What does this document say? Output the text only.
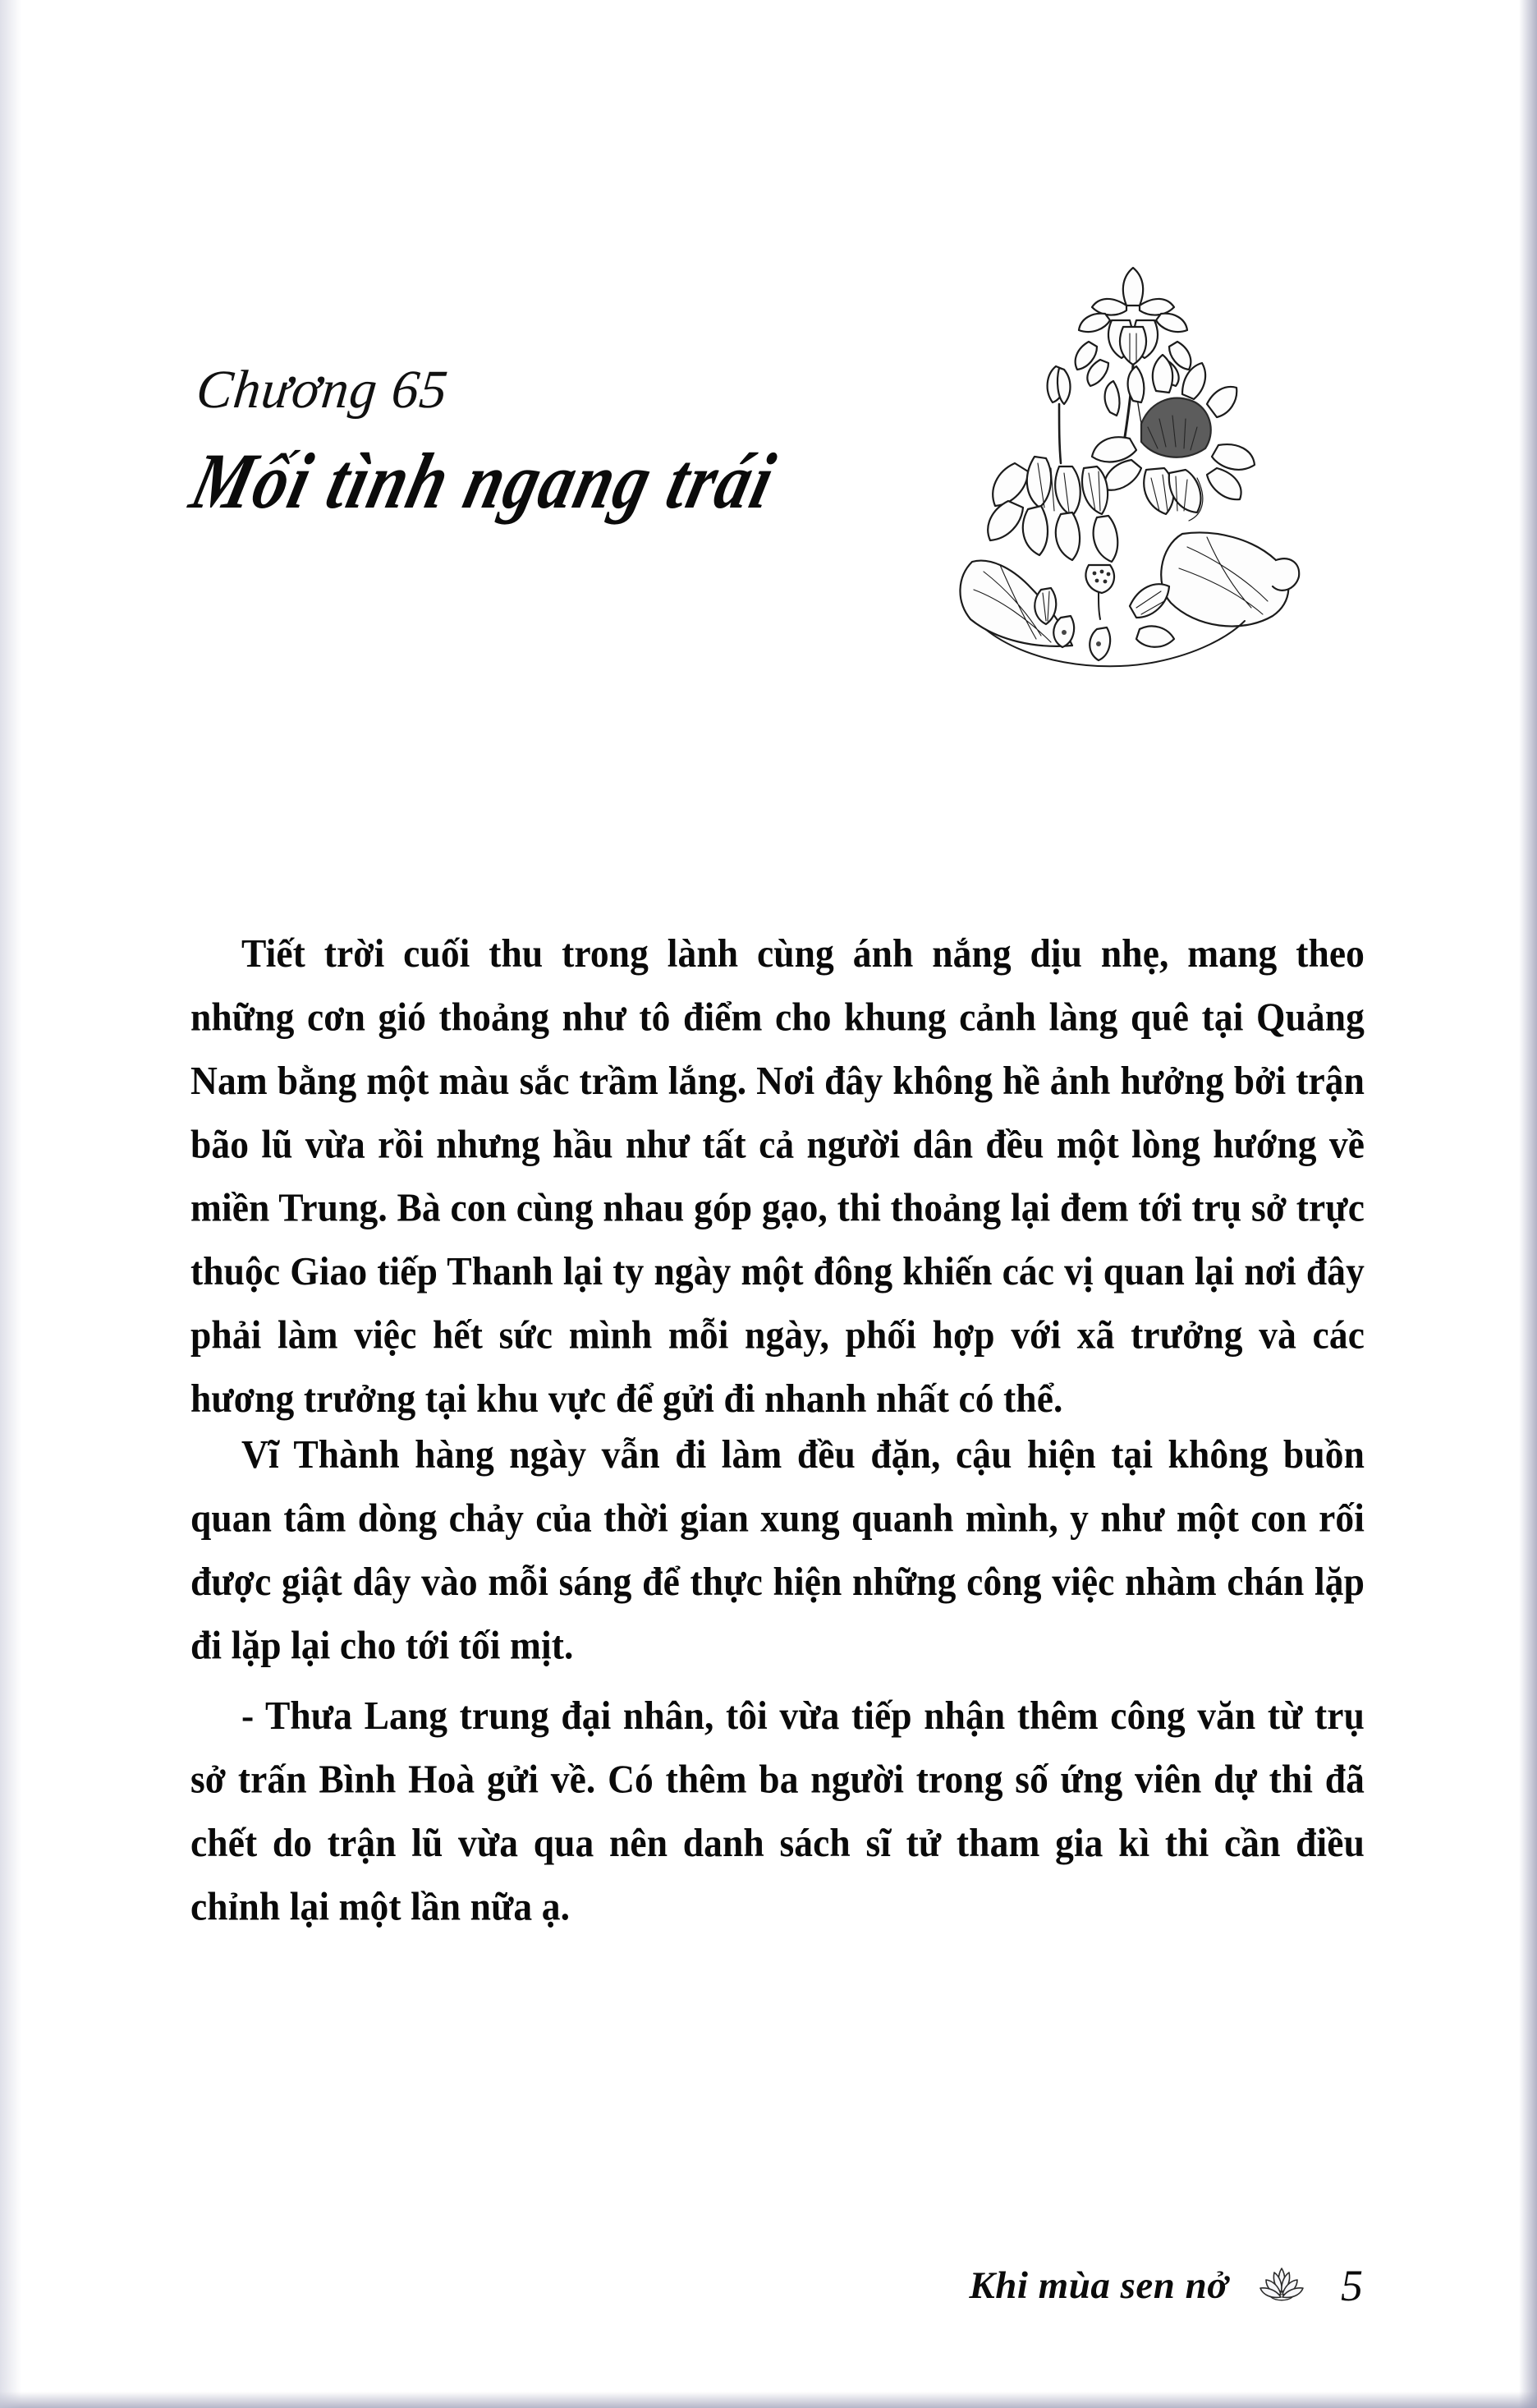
Chương 65
Mối tình ngang trái

Tiết trời cuối thu trong lành cùng ánh nắng dịu nhẹ, mang theo những cơn gió thoảng như tô điểm cho khung cảnh làng quê tại Quảng Nam bằng một màu sắc trầm lắng. Nơi đây không hề ảnh hưởng bởi trận bão lũ vừa rồi nhưng hầu như tất cả người dân đều một lòng hướng về miền Trung. Bà con cùng nhau góp gạo, thi thoảng lại đem tới trụ sở trực thuộc Giao tiếp Thanh lại ty ngày một đông khiến các vị quan lại nơi đây phải làm việc hết sức mình mỗi ngày, phối hợp với xã trưởng và các hương trưởng tại khu vực để gửi đi nhanh nhất có thể.

Vĩ Thành hàng ngày vẫn đi làm đều đặn, cậu hiện tại không buồn quan tâm dòng chảy của thời gian xung quanh mình, y như một con rối được giật dây vào mỗi sáng để thực hiện những công việc nhàm chán lặp đi lặp lại cho tới tối mịt.

- Thưa Lang trung đại nhân, tôi vừa tiếp nhận thêm công văn từ trụ sở trấn Bình Hoà gửi về. Có thêm ba người trong số ứng viên dự thi đã chết do trận lũ vừa qua nên danh sách sĩ tử tham gia kì thi cần điều chỉnh lại một lần nữa ạ.

Khi mùa sen nở	5
